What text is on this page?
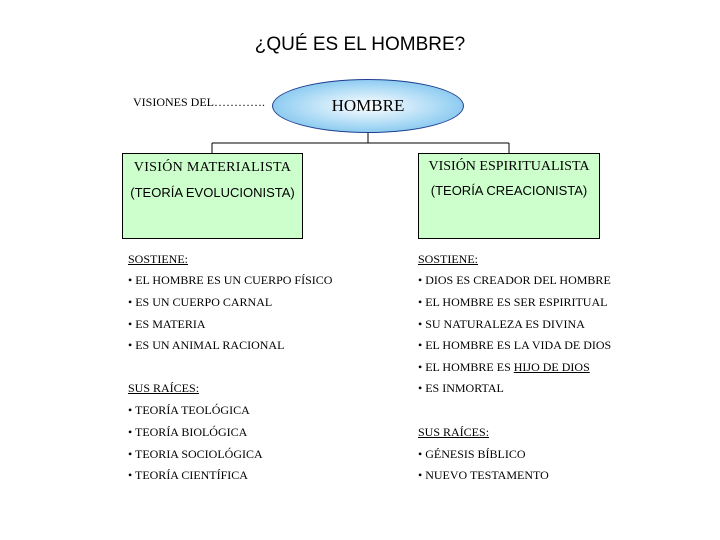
¿QUÉ ES EL HOMBRE?
VISIONES DEL………….	HOMBRE
VISIÓN MATERIALISTA
(TEORÍA EVOLUCIONISTA)
VISIÓN ESPIRITUALISTA
(TEORÍA CREACIONISTA)
SOSTIENE:
• EL HOMBRE ES UN CUERPO FÍSICO
• ES UN CUERPO CARNAL
• ES MATERIA
• ES UN ANIMAL RACIONAL
SUS RAÍCES:
• TEORÍA TEOLÓGICA
• TEORÍA BIOLÓGICA
• TEORIA SOCIOLÓGICA
• TEORÍA CIENTÍFICA
SOSTIENE:
• DIOS ES CREADOR DEL HOMBRE
• EL HOMBRE ES SER ESPIRITUAL
• SU NATURALEZA ES DIVINA
• EL HOMBRE ES LA VIDA DE DIOS
• EL HOMBRE ES HIJO DE DIOS
• ES INMORTAL
SUS RAÍCES:
• GÉNESIS BÍBLICO
• NUEVO TESTAMENTO
